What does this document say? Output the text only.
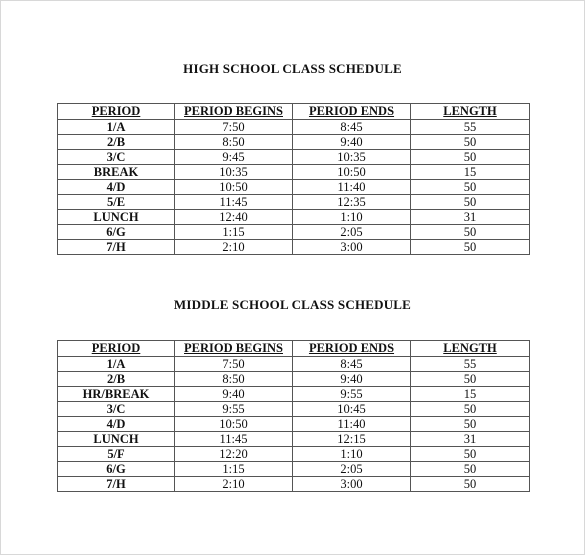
HIGH SCHOOL CLASS SCHEDULE
PERIOD	PERIOD BEGINS	PERIOD ENDS	LENGTH
1/A	7:50	8:45	55
2/B	8:50	9:40	50
3/C	9:45	10:35	50
BREAK	10:35	10:50	15
4/D	10:50	11:40	50
5/E	11:45	12:35	50
LUNCH	12:40	1:10	31
6/G	1:15	2:05	50
7/H	2:10	3:00	50
MIDDLE SCHOOL CLASS SCHEDULE
PERIOD	PERIOD BEGINS	PERIOD ENDS	LENGTH
1/A	7:50	8:45	55
2/B	8:50	9:40	50
HR/BREAK	9:40	9:55	15
3/C	9:55	10:45	50
4/D	10:50	11:40	50
LUNCH	11:45	12:15	31
5/F	12:20	1:10	50
6/G	1:15	2:05	50
7/H	2:10	3:00	50
